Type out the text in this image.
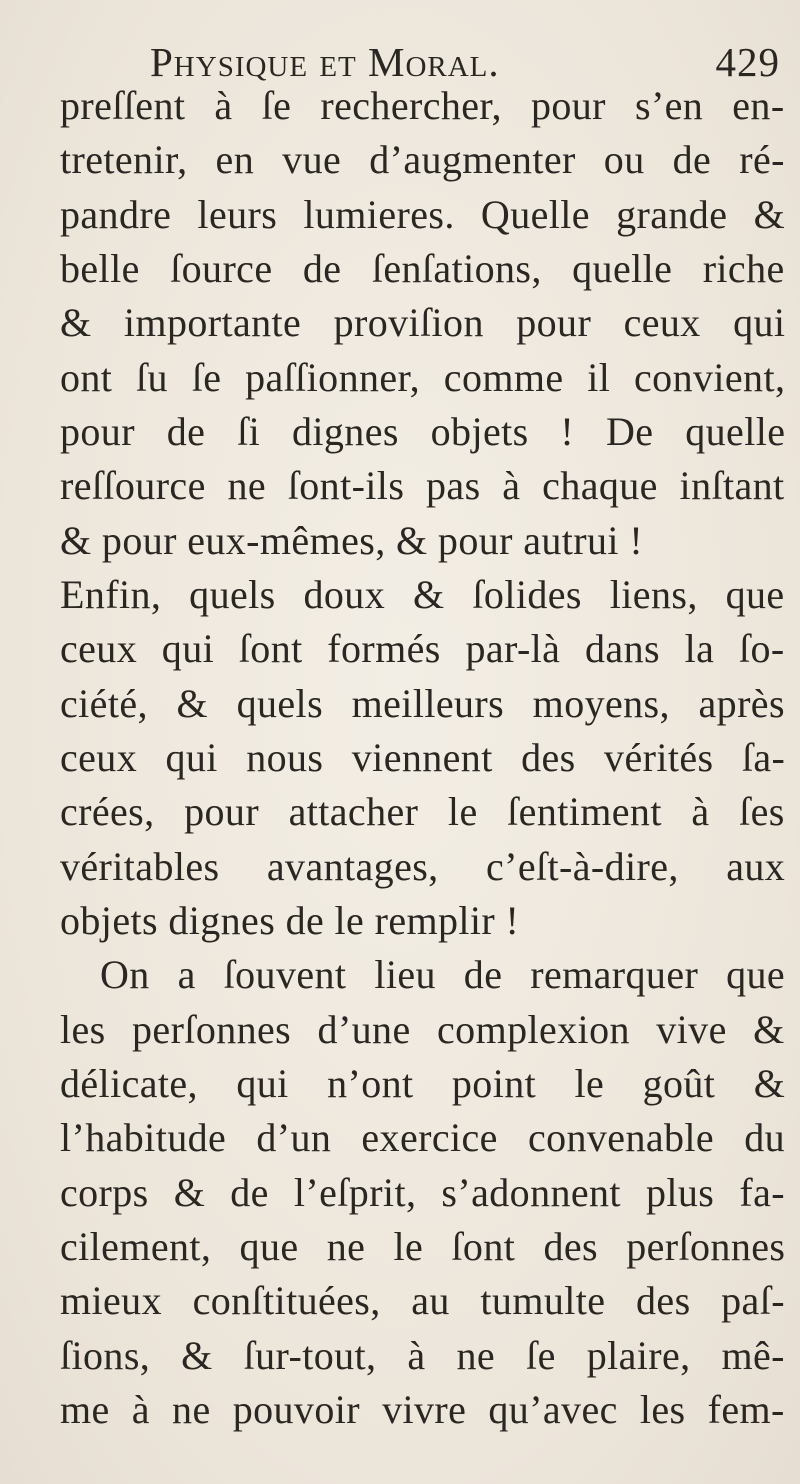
Physique et Moral.	429
preſſent à ſe rechercher, pour s’en en-
tretenir, en vue d’augmenter ou de ré-
pandre leurs lumieres. Quelle grande &
belle ſource de ſenſations, quelle riche
& importante proviſion pour ceux qui
ont ſu ſe paſſionner, comme il convient,
pour de ſi dignes objets ! De quelle
reſſource ne ſont-ils pas à chaque inſtant
& pour eux-mêmes, & pour autrui !
Enfin, quels doux & ſolides liens, que
ceux qui ſont formés par-là dans la ſo-
ciété, & quels meilleurs moyens, après
ceux qui nous viennent des vérités ſa-
crées, pour attacher le ſentiment à ſes
véritables avantages, c’eſt-à-dire, aux
objets dignes de le remplir !
On a ſouvent lieu de remarquer que
les perſonnes d’une complexion vive &
délicate, qui n’ont point le goût &
l’habitude d’un exercice convenable du
corps & de l’eſprit, s’adonnent plus fa-
cilement, que ne le ſont des perſonnes
mieux conſtituées, au tumulte des paſ-
ſions, & ſur-tout, à ne ſe plaire, mê-
me à ne pouvoir vivre qu’avec les fem-
